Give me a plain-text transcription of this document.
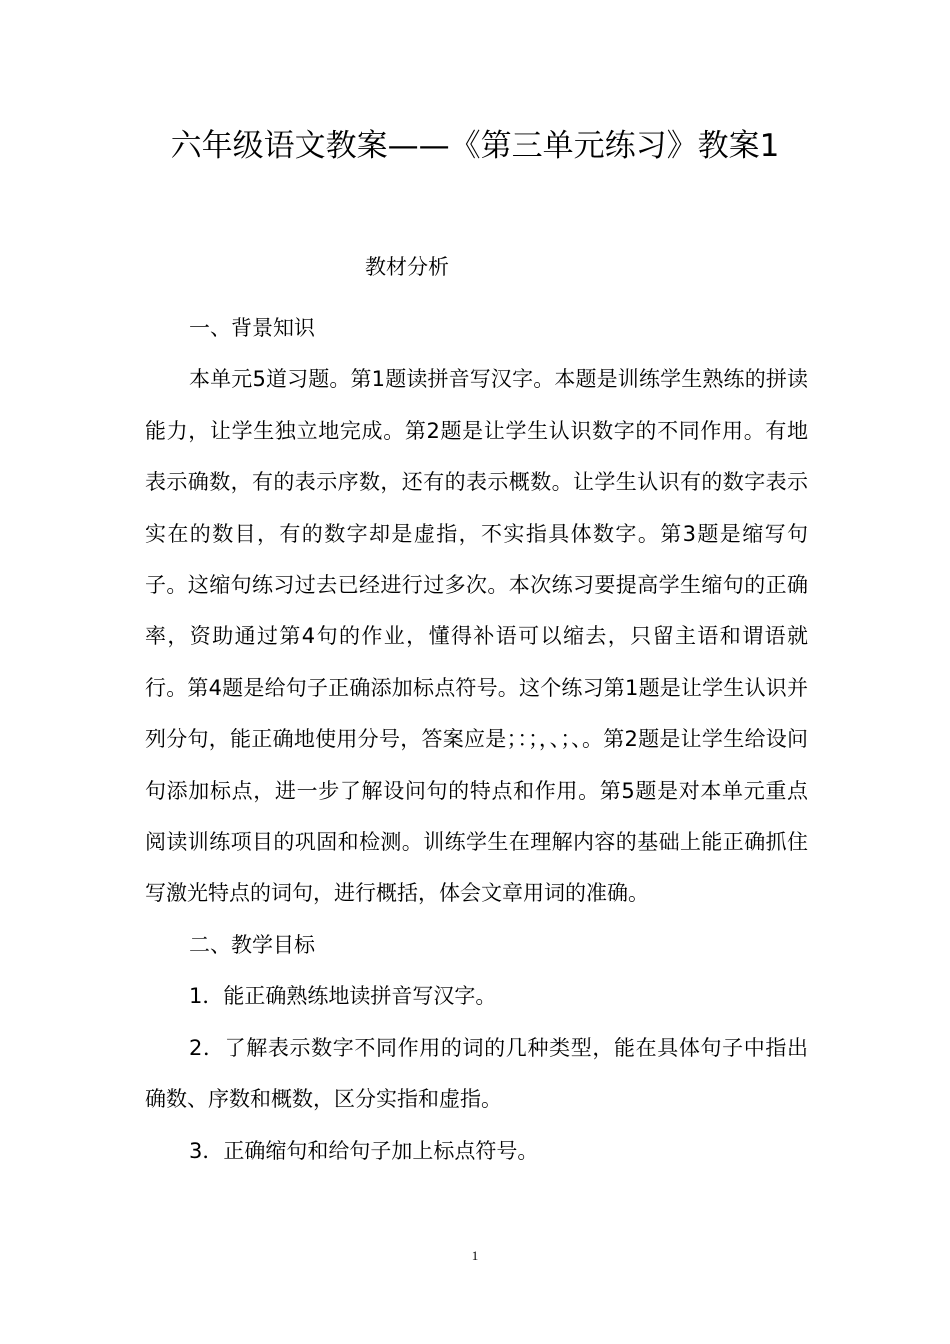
六年级语文教案——《第三单元练习》教案1
教材分析

一、背景知识

本单元5道习题。第1题读拼音写汉字。本题是训练学生熟练的拼读能力，让学生独立地完成。第2题是让学生认识数字的不同作用。有地表示确数，有的表示序数，还有的表示概数。让学生认识有的数字表示实在的数目，有的数字却是虚指，不实指具体数字。第3题是缩写句子。这缩句练习过去已经进行过多次。本次练习要提高学生缩句的正确率，资助通过第4句的作业，懂得补语可以缩去，只留主语和谓语就行。第4题是给句子正确添加标点符号。这个练习第1题是让学生认识并列分句，能正确地使用分号，答案应是；：；，、；、。第2题是让学生给设问句添加标点，进一步了解设问句的特点和作用。第5题是对本单元重点阅读训练项目的巩固和检测。训练学生在理解内容的基础上能正确抓住写激光特点的词句，进行概括，体会文章用词的准确。

二、教学目标

1．能正确熟练地读拼音写汉字。

2．了解表示数字不同作用的词的几种类型，能在具体句子中指出确数、序数和概数，区分实指和虚指。

3．正确缩句和给句子加上标点符号。

1
